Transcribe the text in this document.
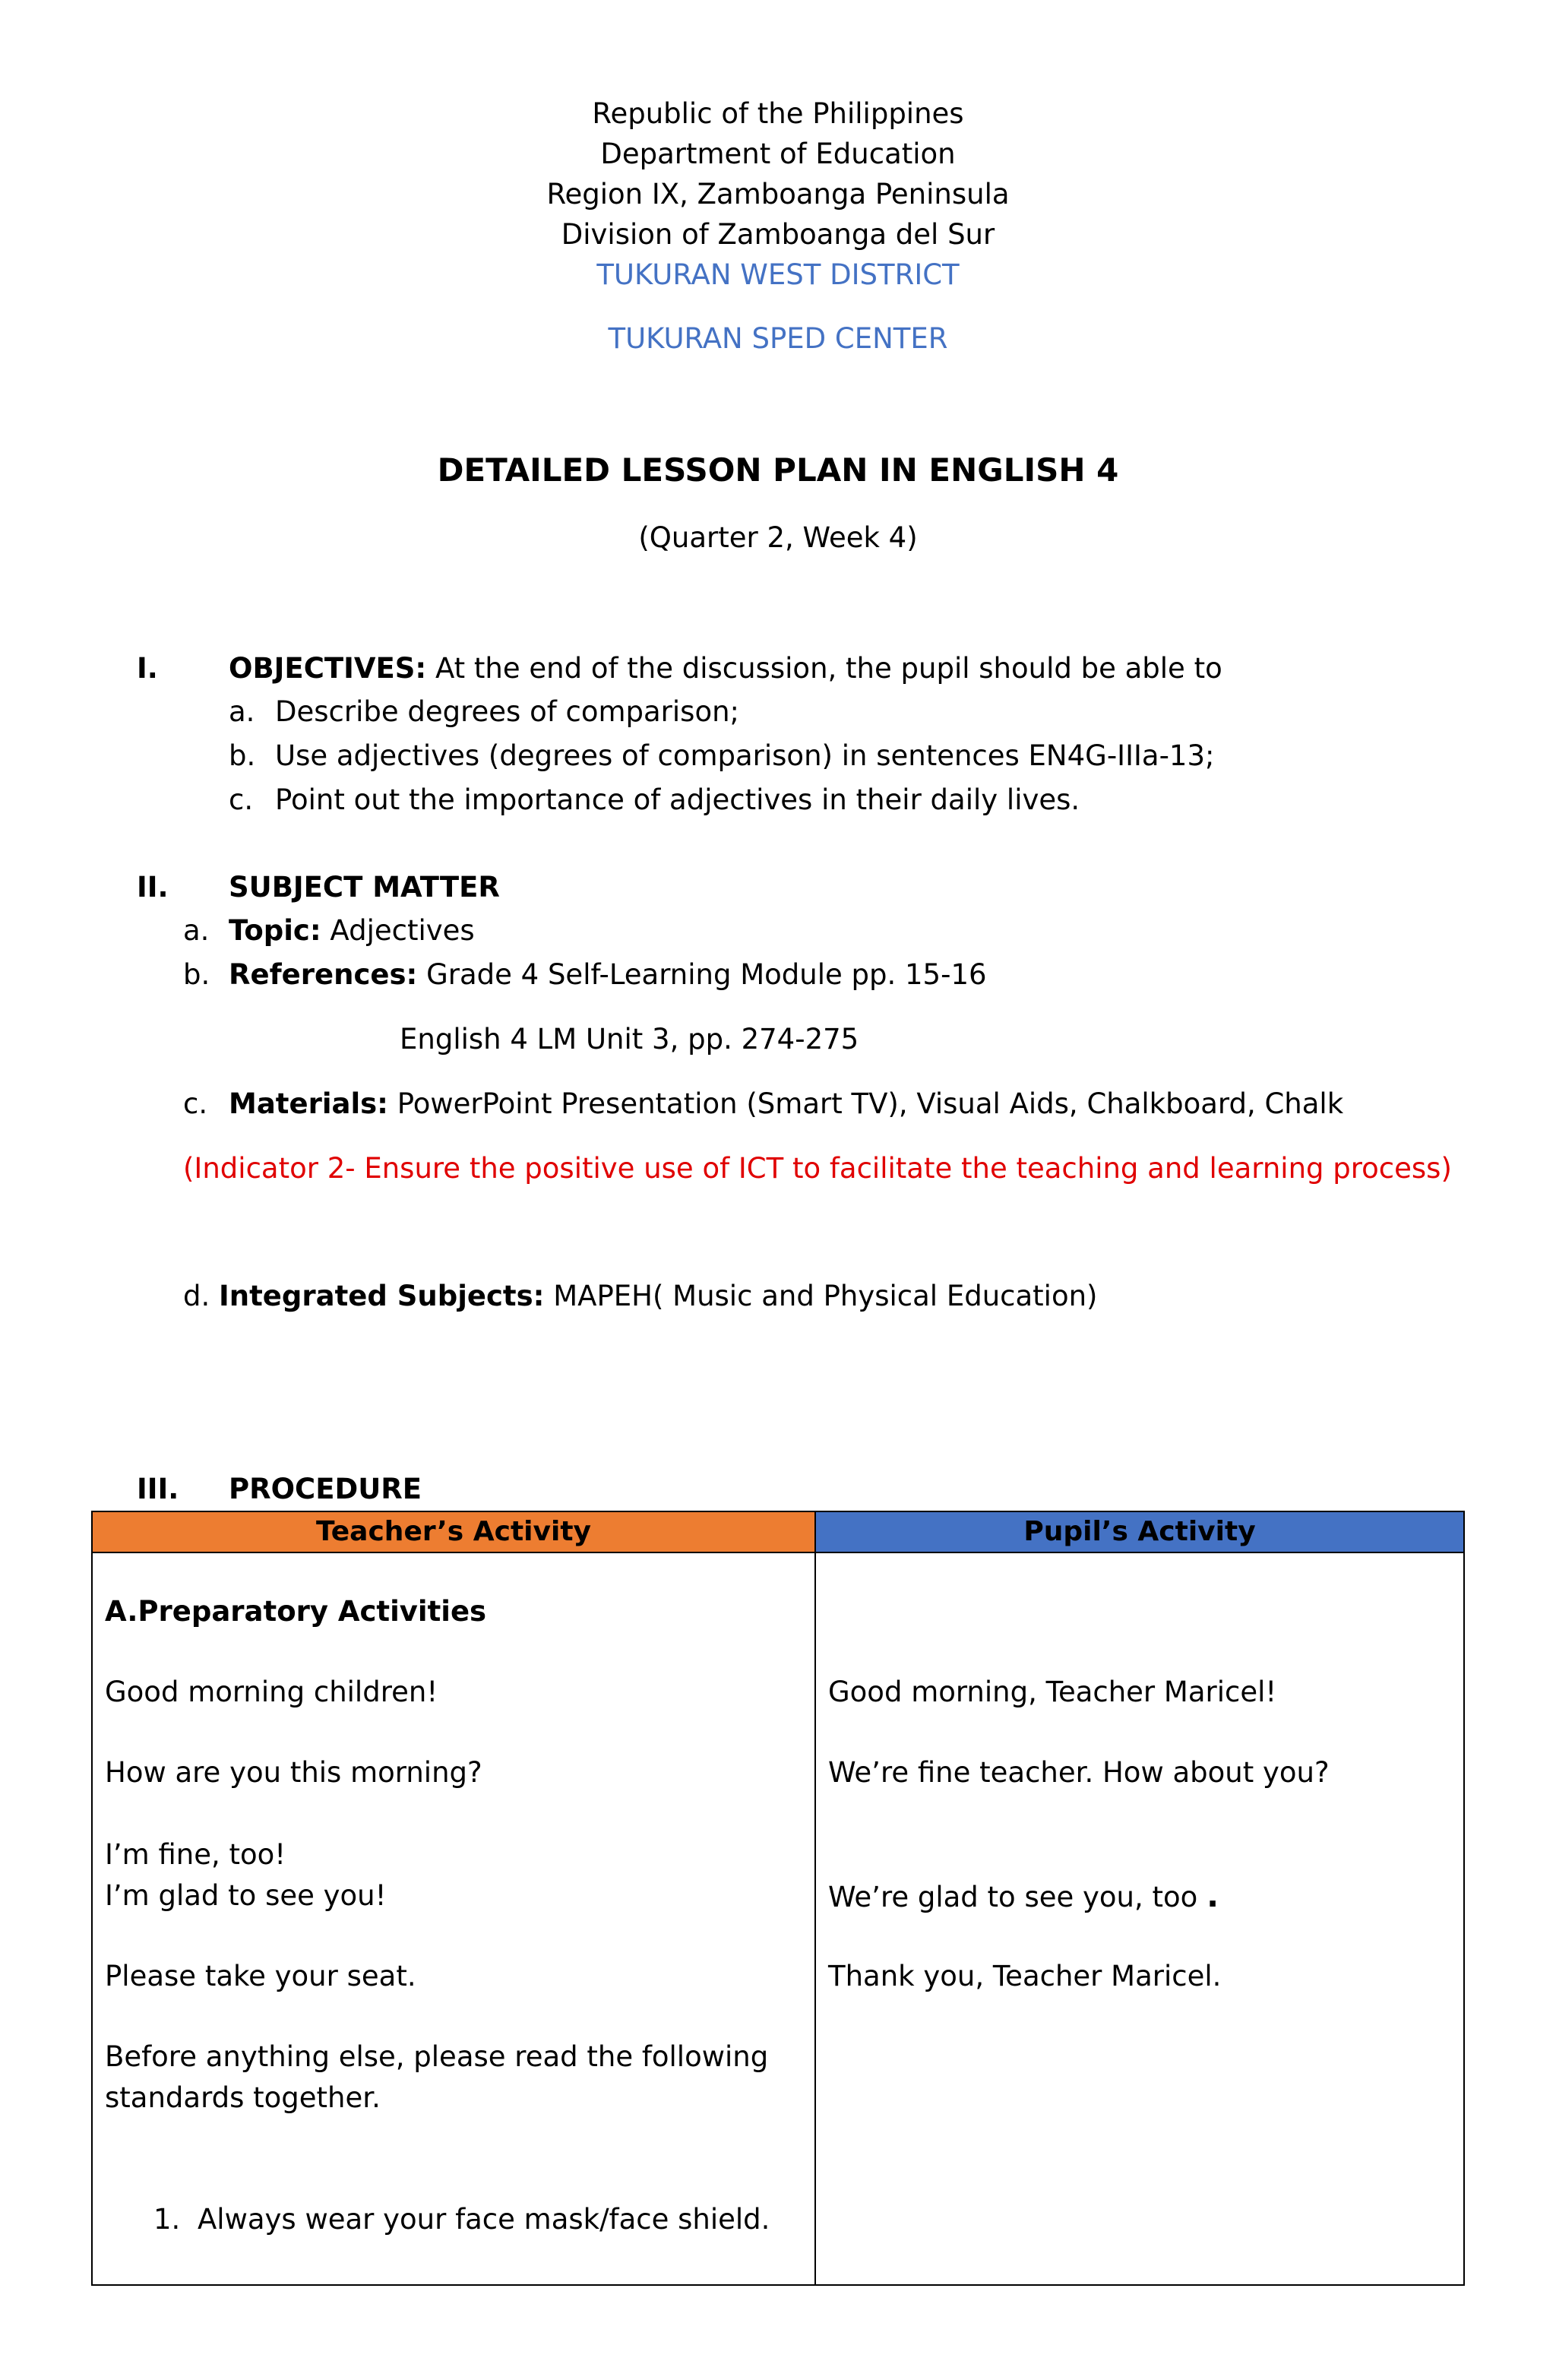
Republic of the Philippines
Department of Education
Region IX, Zamboanga Peninsula
Division of Zamboanga del Sur
TUKURAN WEST DISTRICT
TUKURAN SPED CENTER
DETAILED LESSON PLAN IN ENGLISH 4
(Quarter 2, Week 4)
I.	OBJECTIVES: At the end of the discussion, the pupil should be able to
a. Describe degrees of comparison;
b. Use adjectives (degrees of comparison) in sentences EN4G-IIIa-13;
c. Point out the importance of adjectives in their daily lives.
II. SUBJECT MATTER
a. Topic: Adjectives
b. References: Grade 4 Self-Learning Module pp. 15-16
English 4 LM Unit 3, pp. 274-275
c. Materials: PowerPoint Presentation (Smart TV), Visual Aids, Chalkboard, Chalk
(Indicator 2- Ensure the positive use of ICT to facilitate the teaching and learning process)
d. Integrated Subjects: MAPEH( Music and Physical Education)
III. PROCEDURE
Teacher’s Activity	Pupil’s Activity
A.Preparatory Activities
Good morning children!
How are you this morning?
I’m fine, too!
I’m glad to see you!
Please take your seat.
Before anything else, please read the following
standards together.
1. Always wear your face mask/face shield.
Good morning, Teacher Maricel!
We’re fine teacher. How about you?
We’re glad to see you, too .
Thank you, Teacher Maricel.
